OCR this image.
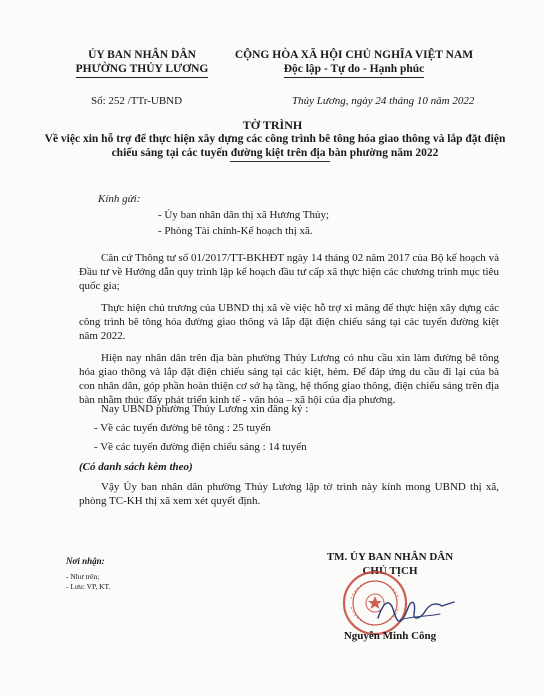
ỦY BAN NHÂN DÂN
PHƯỜNG THỦY LƯƠNG
CỘNG HÒA XÃ HỘI CHỦ NGHĨA VIỆT NAM
Độc lập - Tự do - Hạnh phúc
Số: 252 /TTr-UBND	Thủy Lương, ngày 24 tháng 10 năm 2022
TỜ TRÌNH
Về việc xin hỗ trợ để thực hiện xây dựng các công trình bê tông hóa giao thông và lắp đặt điện chiếu sáng tại các tuyến đường kiệt trên địa bàn phường năm 2022
Kính gửi:
- Ủy ban nhân dân thị xã Hương Thủy;
- Phòng Tài chính-Kế hoạch thị xã.
Căn cứ Thông tư số 01/2017/TT-BKHĐT ngày 14 tháng 02 năm 2017 của Bộ kế hoạch và Đầu tư về Hướng dẫn quy trình lập kế hoạch đầu tư cấp xã thực hiện các chương trình mục tiêu quốc gia;
Thực hiện chủ trương của UBND thị xã về việc hỗ trợ xi măng để thực hiện xây dựng các công trình bê tông hóa đường giao thông và lắp đặt điện chiếu sáng tại các tuyến đường kiệt năm 2022.
Hiện nay nhân dân trên địa bàn phường Thủy Lương có nhu cầu xin làm đường bê tông hóa giao thông và lắp đặt điện chiếu sáng tại các kiệt, hẻm. Để đáp ứng du cầu đi lại của bà con nhân dân, góp phần hoàn thiện cơ sở hạ tầng, hệ thống giao thông, điện chiếu sáng trên địa bàn nhằm thúc đẩy phát triển kinh tế - văn hóa – xã hội của địa phương.
Nay UBND phường Thủy Lương xin đăng ký :
- Về các tuyến đường bê tông : 25 tuyến
- Về các tuyến đường điện chiếu sáng : 14 tuyến
(Có danh sách kèm theo)
Vậy Ủy ban nhân dân phường Thủy Lương lập tờ trình này kính mong UBND thị xã, phòng TC-KH thị xã xem xét quyết định.
Nơi nhận:
- Như trên;
- Lưu: VP, KT.
TM. ỦY BAN NHÂN DÂN
CHỦ TỊCH
Nguyễn Minh Công
